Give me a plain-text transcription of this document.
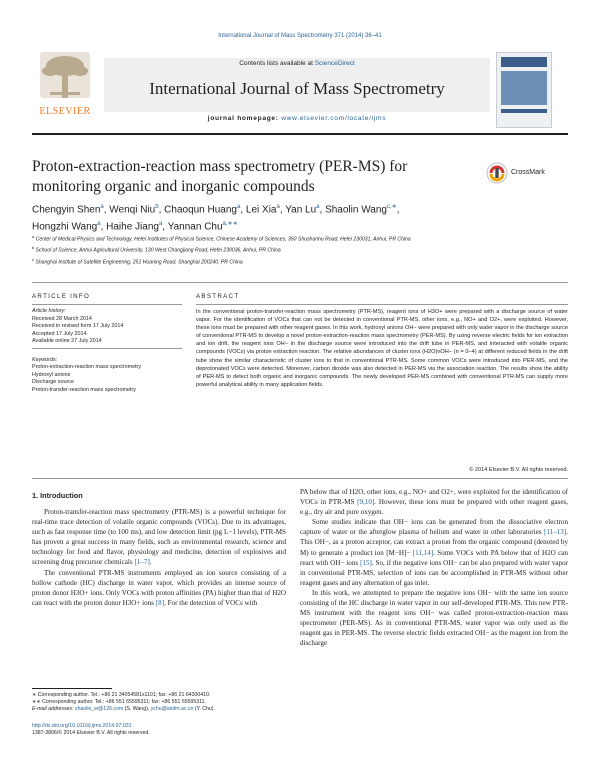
International Journal of Mass Spectrometry 371 (2014) 36–41
ELSEVIER
Contents lists available at ScienceDirect
International Journal of Mass Spectrometry
journal homepage: www.elsevier.com/locate/ijms
Proton-extraction-reaction mass spectrometry (PER-MS) for monitoring organic and inorganic compounds
CrossMark
Chengyin Shen$^a$, Wenqi Niu$^b$, Chaoqun Huang$^a$, Lei Xia$^a$, Yan Lu$^a$, Shaolin Wang$^{c,∗}$,
Hongzhi Wang$^a$, Haihe Jiang$^a$, Yannan Chu$^{a,∗∗}$
$^a$ Center of Medical Physics and Technology, Hefei Institutes of Physical Science, Chinese Academy of Sciences, 350 Shushanhu Road, Hefei 230031, Anhui, PR China
$^b$ School of Science, Anhui Agricultural University, 130 West Changjiang Road, Hefei 230036, Anhui, PR China
$^c$ Shanghai Institute of Satellite Engineering, 251 Huaning Road, Shanghai 200240, PR China
ARTICLE INFO	ABSTRACT
Article history:
Received 28 March 2014
Received in revised form 17 July 2014
Accepted 17 July 2014
Available online 27 July 2014
Keywords:
Proton-extraction-reaction mass spectrometry
Hydroxyl anions
Discharge source
Proton-transfer-reaction mass spectrometry
In the conventional proton-transfer-reaction mass spectrometry (PTR-MS), reagent ions of H3O+ were prepared with a discharge source of water vapor. For the identification of VOCs that can not be detected in conventional PTR-MS, other ions, e.g., NO+ and O2+, were exploited. However, these ions must be prepared with other reagent gases. In this work, hydroxyl anions OH− were prepared with only water vapor in the discharge source of conventional PTR-MS to develop a novel proton-extraction-reaction mass spectrometry (PER-MS). By using reverse electric fields for ion extraction and ion drift, the reagent ions OH− in the discharge source were introduced into the drift tube in PER-MS, and interacted with volatile organic compounds (VOCs) via proton extraction reaction. The relative abundances of cluster ions (H2O)nOH− (n = 0–4) at different reduced fields in the drift tube show the similar characteristic of cluster ions to that in conventional PTR-MS. Some common VOCs were introduced into PER-MS, and the deprotonated VOCs were detected. Moreover, carbon dioxide was also detected in PER-MS via the association reaction. The results show the ability of PER-MS to detect both organic and inorganic compounds. The newly developed PER-MS combined with conventional PTR-MS can supply more powerful analytical ability in many application fields.
© 2014 Elsevier B.V. All rights reserved.
1. Introduction

Proton-transfer-reaction mass spectrometry (PTR-MS) is a powerful technique for real-time trace detection of volatile organic compounds (VOCs). Due to its advantages, such as fast response time (to 100 ms), and low detection limit (pg L−1 levels), PTR-MS has proven a great success in many fields, such as environmental research, science and technology for food and flavor, physiology and medicine, detection of explosives and screening drug precursor chemicals [1–7].

The conventional PTR-MS instruments employed an ion source consisting of a hollow cathode (HC) discharge in water vapor, which provides an intense source of proton donor H3O+ ions. Only VOCs with proton affinities (PA) higher than that of H2O can react with the proton donor H3O+ ions [8]. For the detection of VOCs with

PA below that of H2O, other ions, e.g., NO+ and O2+, were exploited for the identification of VOCs in PTR-MS [9,10]. However, these ions must be prepared with other reagent gases, e.g., dry air and pure oxygen.

Some studies indicate that OH− ions can be generated from the dissociative electron capture of water or the afterglow plasma of helium and water in other laboratories [11–13]. This OH−, as a proton acceptor, can extract a proton from the organic compound (denoted by M) to generate a product ion [M−H]− [11,14]. Some VOCs with PA below that of H2O can react with OH− ions [15]. So, if the negative ions OH− can be also prepared with water vapor in conventional PTR-MS, selection of ions can be accomplished in PTR-MS without other reagent gases and any alternation of gas inlet.

In this work, we attempted to prepare the negative ions OH− with the same ion source consisting of the HC discharge in water vapor in our self-developed PTR-MS. This new PTR-MS instrument with the reagent ions OH− was called proton-extraction-reaction mass spectrometer (PER-MS). As in conventional PTR-MS, water vapor was only used as the reagent gas in PER-MS. The reverse electric fields extracted OH− as the reagent ion from the discharge

∗ Corresponding author. Tel.: +86 21 34054581x1101; fax: +86 21 64300410.
∗∗ Corresponding author. Tel.: +86 551 65595311; fax: +86 551 65595311.
E-mail addresses: shaolin_w@126.com (S. Wang), ychu@aiofm.ac.cn (Y. Chu).
http://dx.doi.org/10.1016/j.ijms.2014.07.031
1387-3806/© 2014 Elsevier B.V. All rights reserved.
